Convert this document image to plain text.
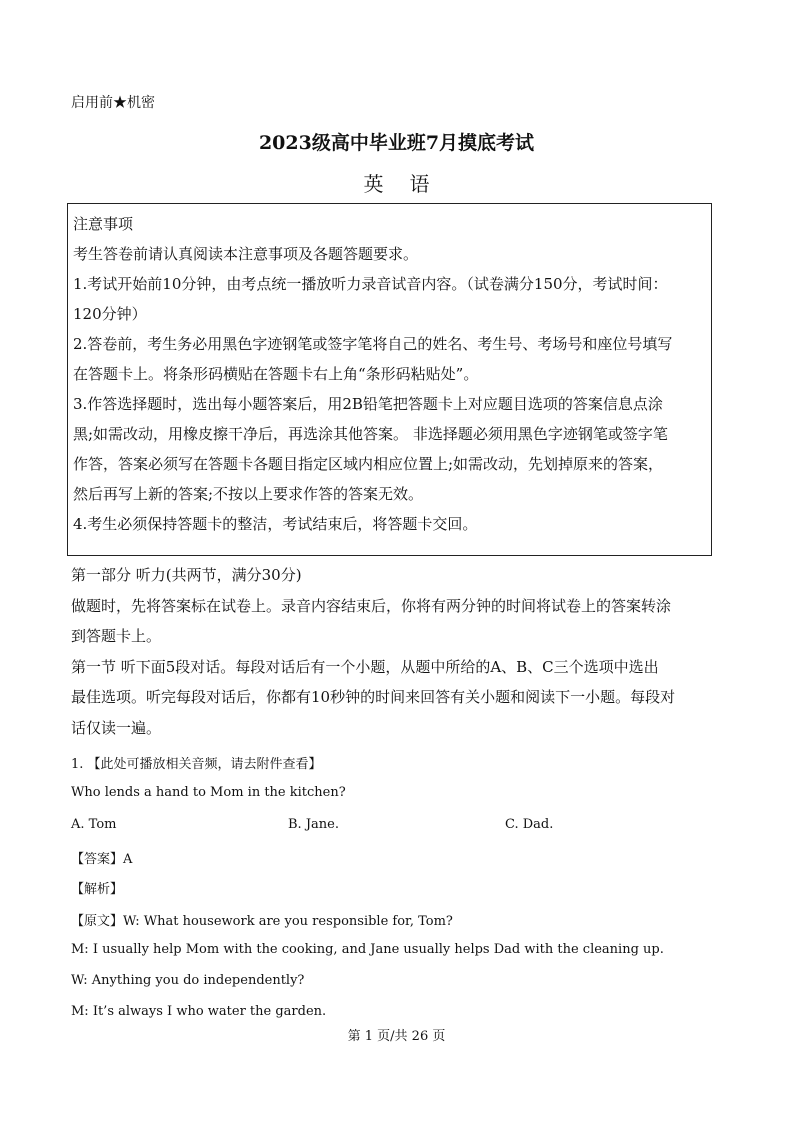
启用前★机密
2023级高中毕业班7月摸底考试
英语

注意事项

考生答卷前请认真阅读本注意事项及各题答题要求。

1.考试开始前10分钟，由考点统一播放听力录音试音内容。（试卷满分150分，考试时间：

120分钟）

2.答卷前，考生务必用黑色字迹钢笔或签字笔将自己的姓名、考生号、考场号和座位号填写

在答题卡上。将条形码横贴在答题卡右上角“条形码粘贴处”。

3.作答选择题时，选出每小题答案后，用2B铅笔把答题卡上对应题目选项的答案信息点涂

黑;如需改动，用橡皮擦干净后，再选涂其他答案。 非选择题必须用黑色字迹钢笔或签字笔

作答，答案必须写在答题卡各题目指定区域内相应位置上;如需改动，先划掉原来的答案，

然后再写上新的答案;不按以上要求作答的答案无效。

4.考生必须保持答题卡的整洁，考试结束后，将答题卡交回。

第一部分 听力(共两节，满分30分)

做题时，先将答案标在试卷上。录音内容结束后，你将有两分钟的时间将试卷上的答案转涂

到答题卡上。

第一节 听下面5段对话。每段对话后有一个小题，从题中所给的A、B、C三个选项中选出

最佳选项。听完每段对话后，你都有10秒钟的时间来回答有关小题和阅读下一小题。每段对

话仅读一遍。

1. 【此处可播放相关音频，请去附件查看】
Who lends a hand to Mom in the kitchen?
A. Tom	B. Jane.	C. Dad.
【答案】A
【解析】
【原文】W: What housework are you responsible for, Tom?
M: I usually help Mom with the cooking, and Jane usually helps Dad with the cleaning up.
W: Anything you do independently?
M: It’s always I who water the garden.
第 1 页/共 26 页
